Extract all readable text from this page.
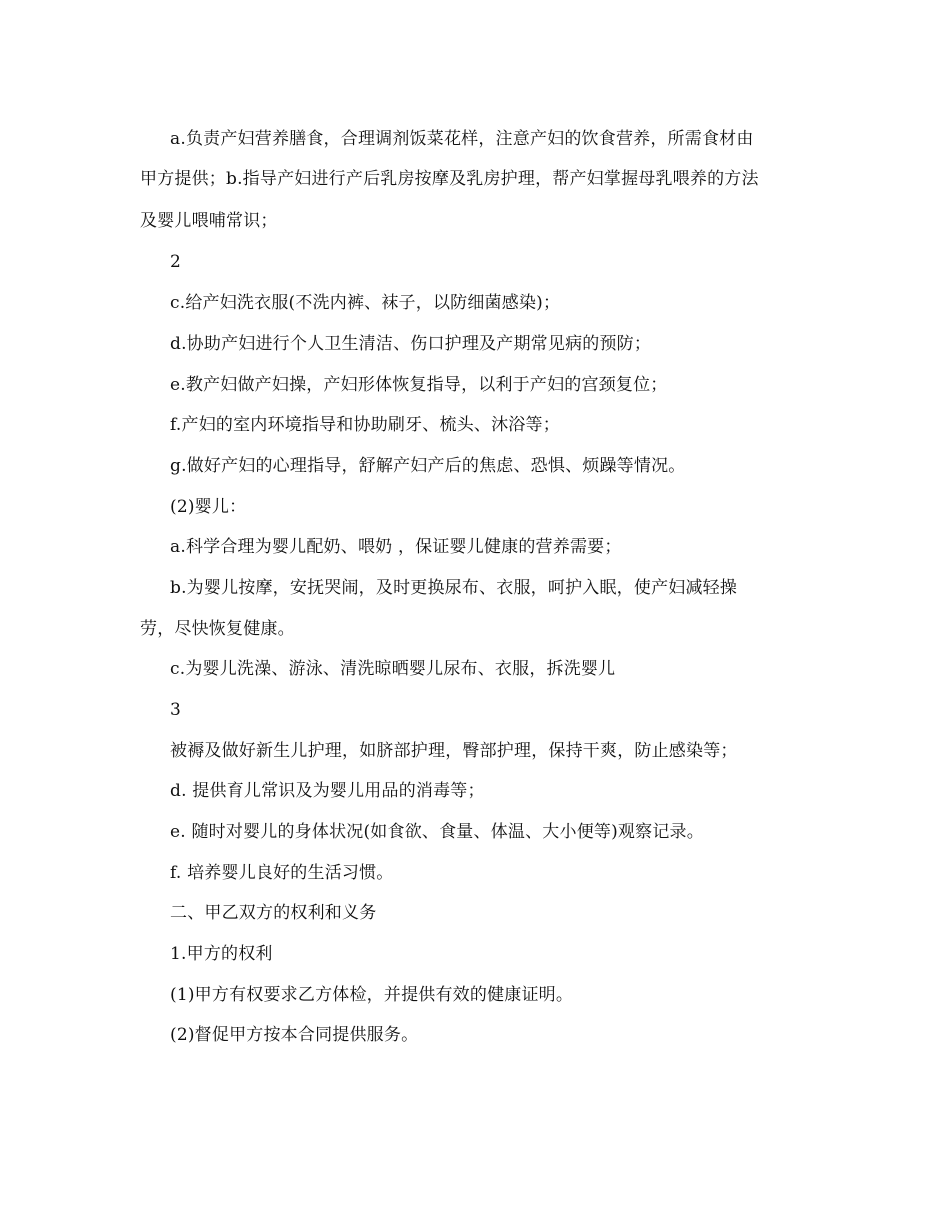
a.负责产妇营养膳食，合理调剂饭菜花样，注意产妇的饮食营养，所需食材由
甲方提供；b.指导产妇进行产后乳房按摩及乳房护理，帮产妇掌握母乳喂养的方法
及婴儿喂哺常识；
2
c.给产妇洗衣服(不洗内裤、袜子，以防细菌感染)；
d.协助产妇进行个人卫生清洁、伤口护理及产期常见病的预防；
e.教产妇做产妇操，产妇形体恢复指导，以利于产妇的宫颈复位；
f.产妇的室内环境指导和协助刷牙、梳头、沐浴等；
g.做好产妇的心理指导，舒解产妇产后的焦虑、恐惧、烦躁等情况。
(2)婴儿：
a.科学合理为婴儿配奶、喂奶 ，保证婴儿健康的营养需要；
b.为婴儿按摩，安抚哭闹，及时更换尿布、衣服，呵护入眠，使产妇减轻操
劳，尽快恢复健康。
c.为婴儿洗澡、游泳、清洗晾晒婴儿尿布、衣服，拆洗婴儿
3
被褥及做好新生儿护理，如脐部护理，臀部护理，保持干爽，防止感染等；
d. 提供育儿常识及为婴儿用品的消毒等；
e. 随时对婴儿的身体状况(如食欲、食量、体温、大小便等)观察记录。
f. 培养婴儿良好的生活习惯。
二、甲乙双方的权利和义务
1.甲方的权利
(1)甲方有权要求乙方体检，并提供有效的健康证明。
(2)督促甲方按本合同提供服务。
